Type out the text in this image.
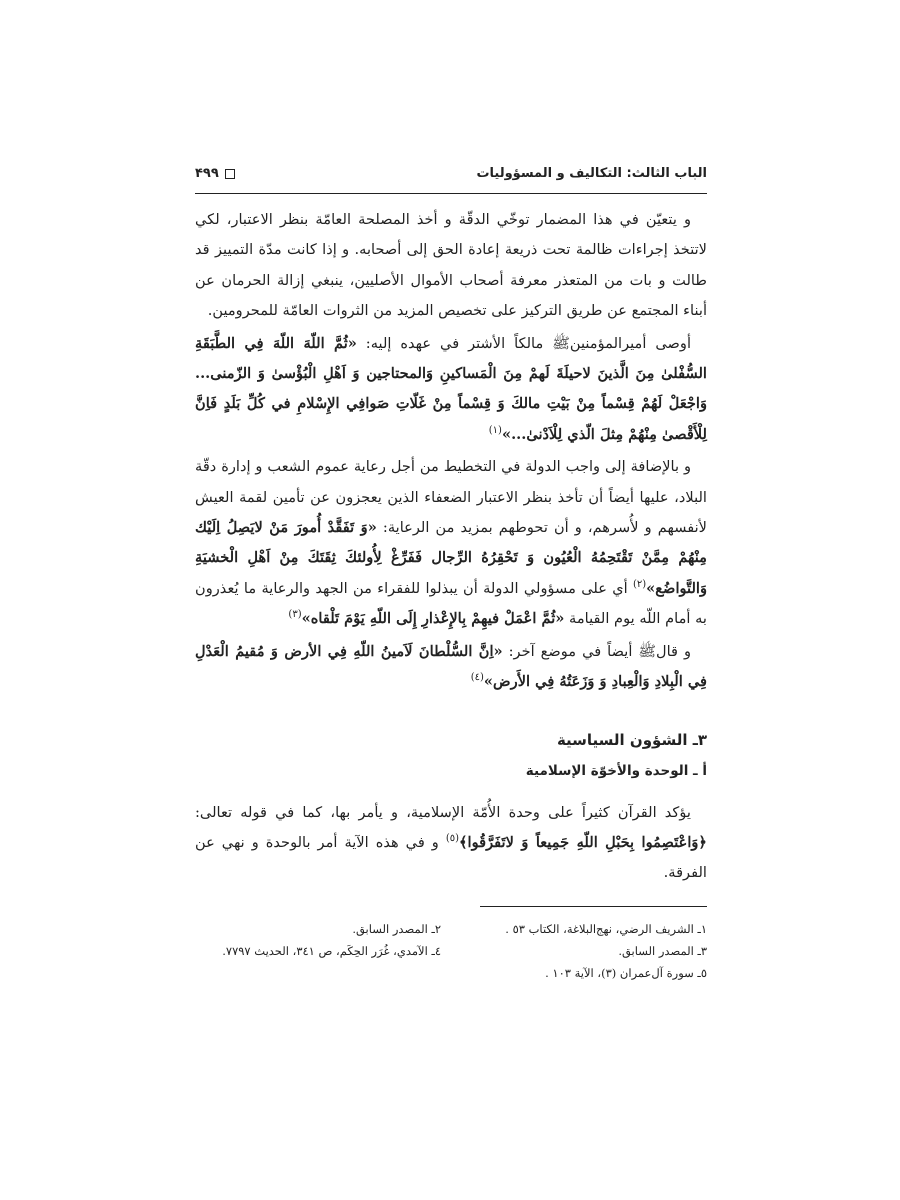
الباب الثالث: التكاليف و المسؤوليات
۴۹۹

و يتعيّن في هذا المضمار توخّي الدقّة و أخذ المصلحة العامّة بنظر الاعتبار، لكي لاتتخذ إجراءات ظالمة تحت ذريعة إعادة الحق إلى أصحابه. و إذا كانت مدّة التمييز قد طالت و بات من المتعذر معرفة أصحاب الأموال الأصليين، ينبغي إزالة الحرمان عن أبناء المجتمع عن طريق التركيز على تخصيص المزيد من الثروات العامّة للمحرومين.

أوصى أميرالمؤمنينﷺ مالكاً الأشتر في عهده إليه: «ثُمَّ اللّهَ اللّهَ فِي الطَّبَقَةِ السُّفْلىٰ مِنَ الَّذينَ لاحيلَةَ لَهمْ مِنَ الْمَساكينِ وَالمحتاجين وَ اَهْلِ الْبُؤْسىٰ وَ الزّمنى... وَاجْعَلْ لَهُمْ قِسْماً مِنْ بَيْتِ مالكَ وَ قِسْماً مِنْ غَلّاتِ صَوافِي الإِسْلامِ في كُلِّ بَلَدٍ فَاِنَّ لِلْأَقْصىٰ مِنْهُمْ مِثلَ الّذي لِلْاَدْنىٰ...»$^{(١)}$

و بالإضافة إلى واجب الدولة في التخطيط من أجل رعاية عموم الشعب و إدارة دقّة البلاد، عليها أيضاً أن تأخذ بنظر الاعتبار الضعفاء الذين يعجزون عن تأمين لقمة العيش لأنفسهم و لأُسرهم، و أن تحوطهم بمزيد من الرعاية: «وَ تَفَقَّدْ أُمورَ مَنْ لايَصِلُ اِلَيْك مِنْهُمْ مِمَّنْ تَقْتَحِمُهُ الْعُيُون وَ تَحْقِرُهُ الرِّجال فَفَرِّغْ لِأُولئكَ ثِقَتَكَ مِنْ اَهْلِ الْخشيَةِ وَالتَّواضُع»$^{(٢)}$ أي على مسؤولي الدولة أن يبذلوا للفقراء من الجهد والرعاية ما يُعذرون به أمام اللّه يوم القيامة «ثُمَّ اعْمَلْ فيهِمْ بِالإِعْذارِ إِلَى اللّهِ يَوْمَ تَلْقاه»$^{(٣)}$

و قالﷺ أيضاً في موضع آخر: «اِنَّ السُّلْطانَ لَاَمينُ اللّهِ فِي الأرض وَ مُقيمُ الْعَدْلِ فِي الْبِلادِ وَالْعِبادِ وَ وَزَعَتُهُ فِي الأَرض»$^{(٤)}$

٣ـ الشؤون السياسية
أ ـ الوحدة والأخوّة الإسلامية

يؤكد القرآن كثيراً على وحدة الأُمّة الإسلامية، و يأمر بها، كما في قوله تعالى: ﴿وَاعْتَصِمُوا بِحَبْلِ اللّهِ جَمِيعاً وَ لاتَفَرَّقُوا﴾$^{(٥)}$ و في هذه الآية أمر بالوحدة و نهي عن الفرقة.

١ـ الشريف الرضي، نهج‌البلاغة، الكتاب ٥٣ .
٢ـ المصدر السابق.
٣ـ المصدر السابق.
٤ـ الآمدي، غُرَر الحِكَم، ص ٣٤١، الحديث ٧٧٩٧.
٥ـ سورة آل‌عمران (٣)، الآية ١٠٣ .
